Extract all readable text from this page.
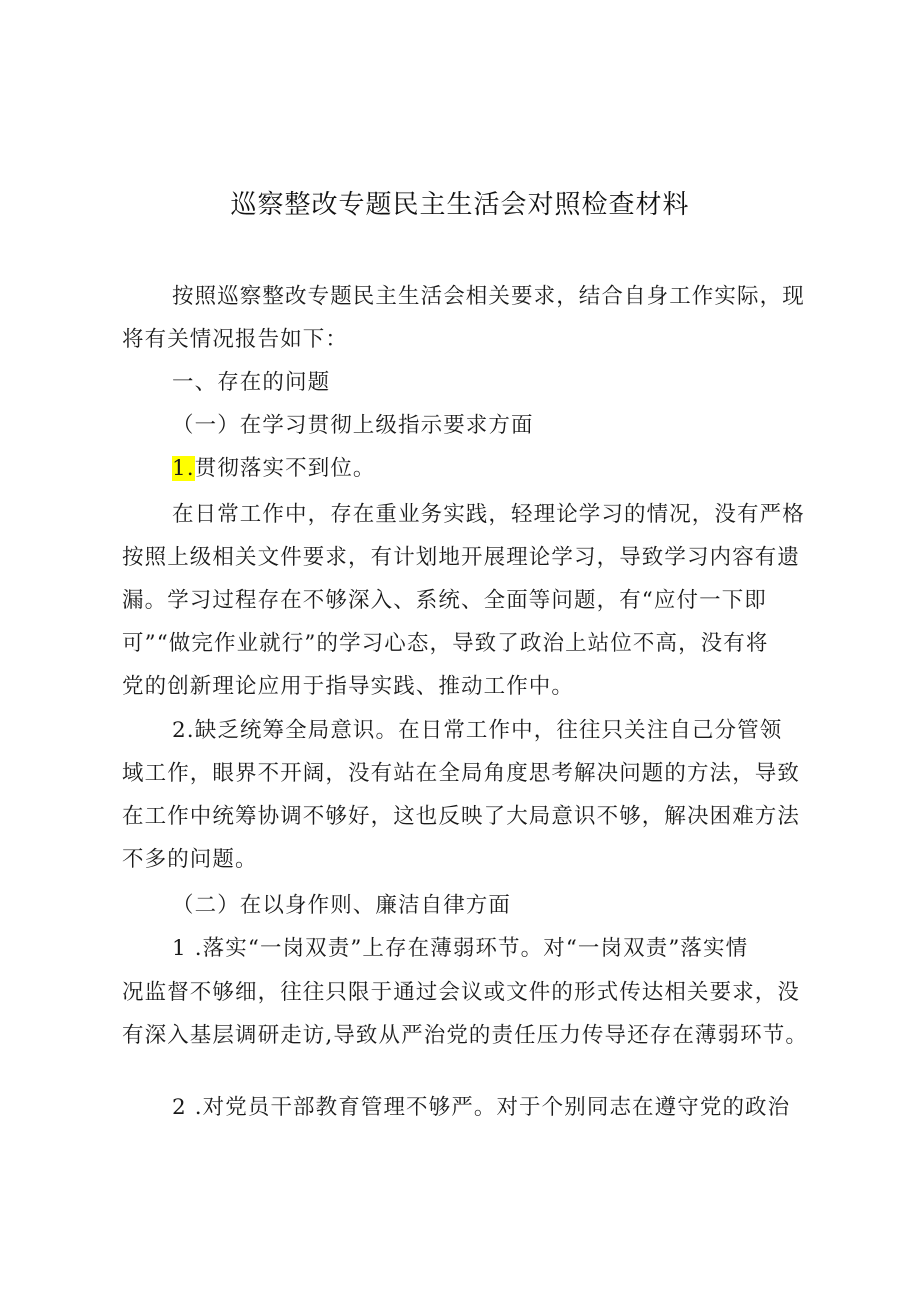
巡察整改专题民主生活会对照检查材料
按照巡察整改专题民主生活会相关要求，结合自身工作实际，现
将有关情况报告如下：
一、存在的问题
（一）在学习贯彻上级指示要求方面
1.贯彻落实不到位。
在日常工作中，存在重业务实践，轻理论学习的情况，没有严格
按照上级相关文件要求，有计划地开展理论学习，导致学习内容有遗
漏。学习过程存在不够深入、系统、全面等问题，有“应付一下即
可”“做完作业就行”的学习心态，导致了政治上站位不高，没有将
党的创新理论应用于指导实践、推动工作中。
2.缺乏统筹全局意识。在日常工作中，往往只关注自己分管领
域工作，眼界不开阔，没有站在全局角度思考解决问题的方法，导致
在工作中统筹协调不够好，这也反映了大局意识不够，解决困难方法
不多的问题。
（二）在以身作则、廉洁自律方面
1 .落实“一岗双责”上存在薄弱环节。对“一岗双责”落实情
况监督不够细，往往只限于通过会议或文件的形式传达相关要求，没
有深入基层调研走访,导致从严治党的责任压力传导还存在薄弱环节。
2 .对党员干部教育管理不够严。对于个别同志在遵守党的政治
